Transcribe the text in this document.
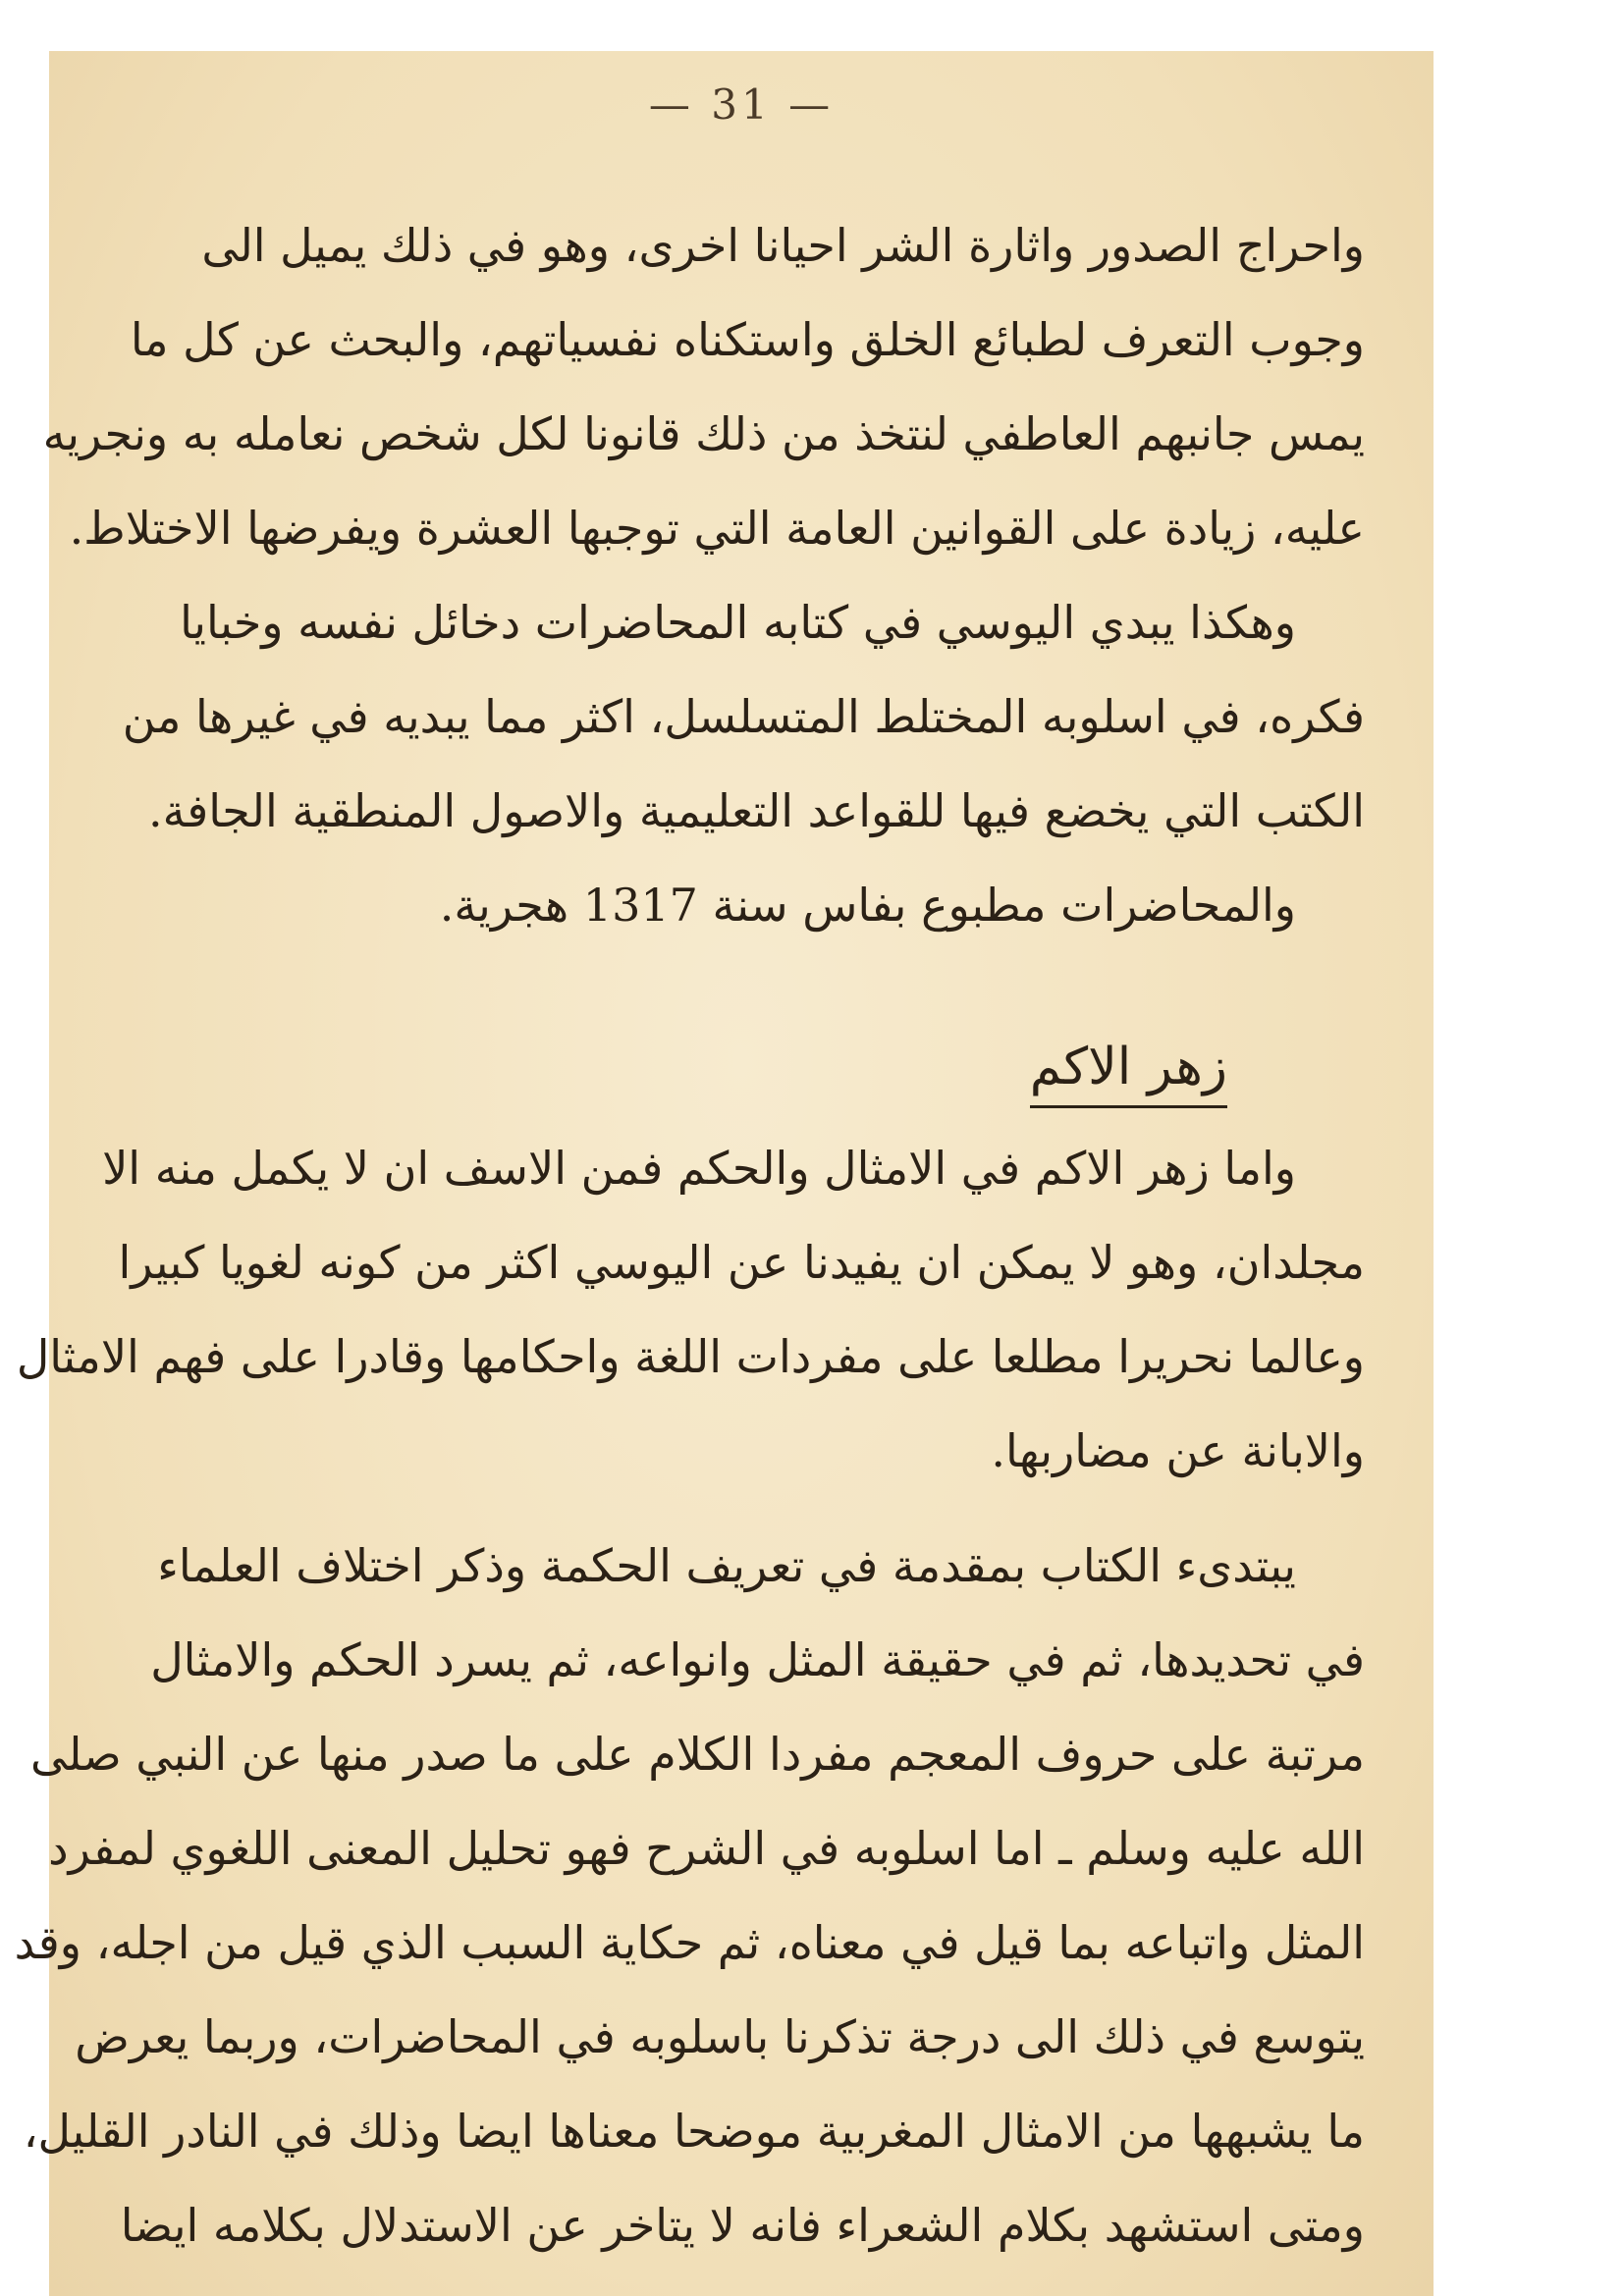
— 31 —
واحراج الصدور واثارة الشر احيانا اخرى، وهو في ذلك يميل الى
وجوب التعرف لطبائع الخلق واستكناه نفسياتهم، والبحث عن كل ما
يمس جانبهم العاطفي لنتخذ من ذلك قانونا لكل شخص نعامله به ونجريه
عليه، زيادة على القوانين العامة التي توجبها العشرة ويفرضها الاختلاط.
وهكذا يبدي اليوسي في كتابه المحاضرات دخائل نفسه وخبايا
فكره، في اسلوبه المختلط المتسلسل، اكثر مما يبديه في غيرها من
الكتب التي يخضع فيها للقواعد التعليمية والاصول المنطقية الجافة.
والمحاضرات مطبوع بفاس سنة 1317 هجرية.
زهر الاكم
واما زهر الاكم في الامثال والحكم فمن الاسف ان لا يكمل منه الا
مجلدان، وهو لا يمكن ان يفيدنا عن اليوسي اكثر من كونه لغويا كبيرا
وعالما نحريرا مطلعا على مفردات اللغة واحكامها وقادرا على فهم الامثال
والابانة عن مضاربها.
يبتدىء الكتاب بمقدمة في تعريف الحكمة وذكر اختلاف العلماء
في تحديدها، ثم في حقيقة المثل وانواعه، ثم يسرد الحكم والامثال
مرتبة على حروف المعجم مفردا الكلام على ما صدر منها عن النبي صلى
الله عليه وسلم ـ اما اسلوبه في الشرح فهو تحليل المعنى اللغوي لمفرد
المثل واتباعه بما قيل في معناه، ثم حكاية السبب الذي قيل من اجله، وقد
يتوسع في ذلك الى درجة تذكرنا باسلوبه في المحاضرات، وربما يعرض
ما يشبهها من الامثال المغربية موضحا معناها ايضا وذلك في النادر القليل،
ومتى استشهد بكلام الشعراء فانه لا يتاخر عن الاستدلال بكلامه ايضا
